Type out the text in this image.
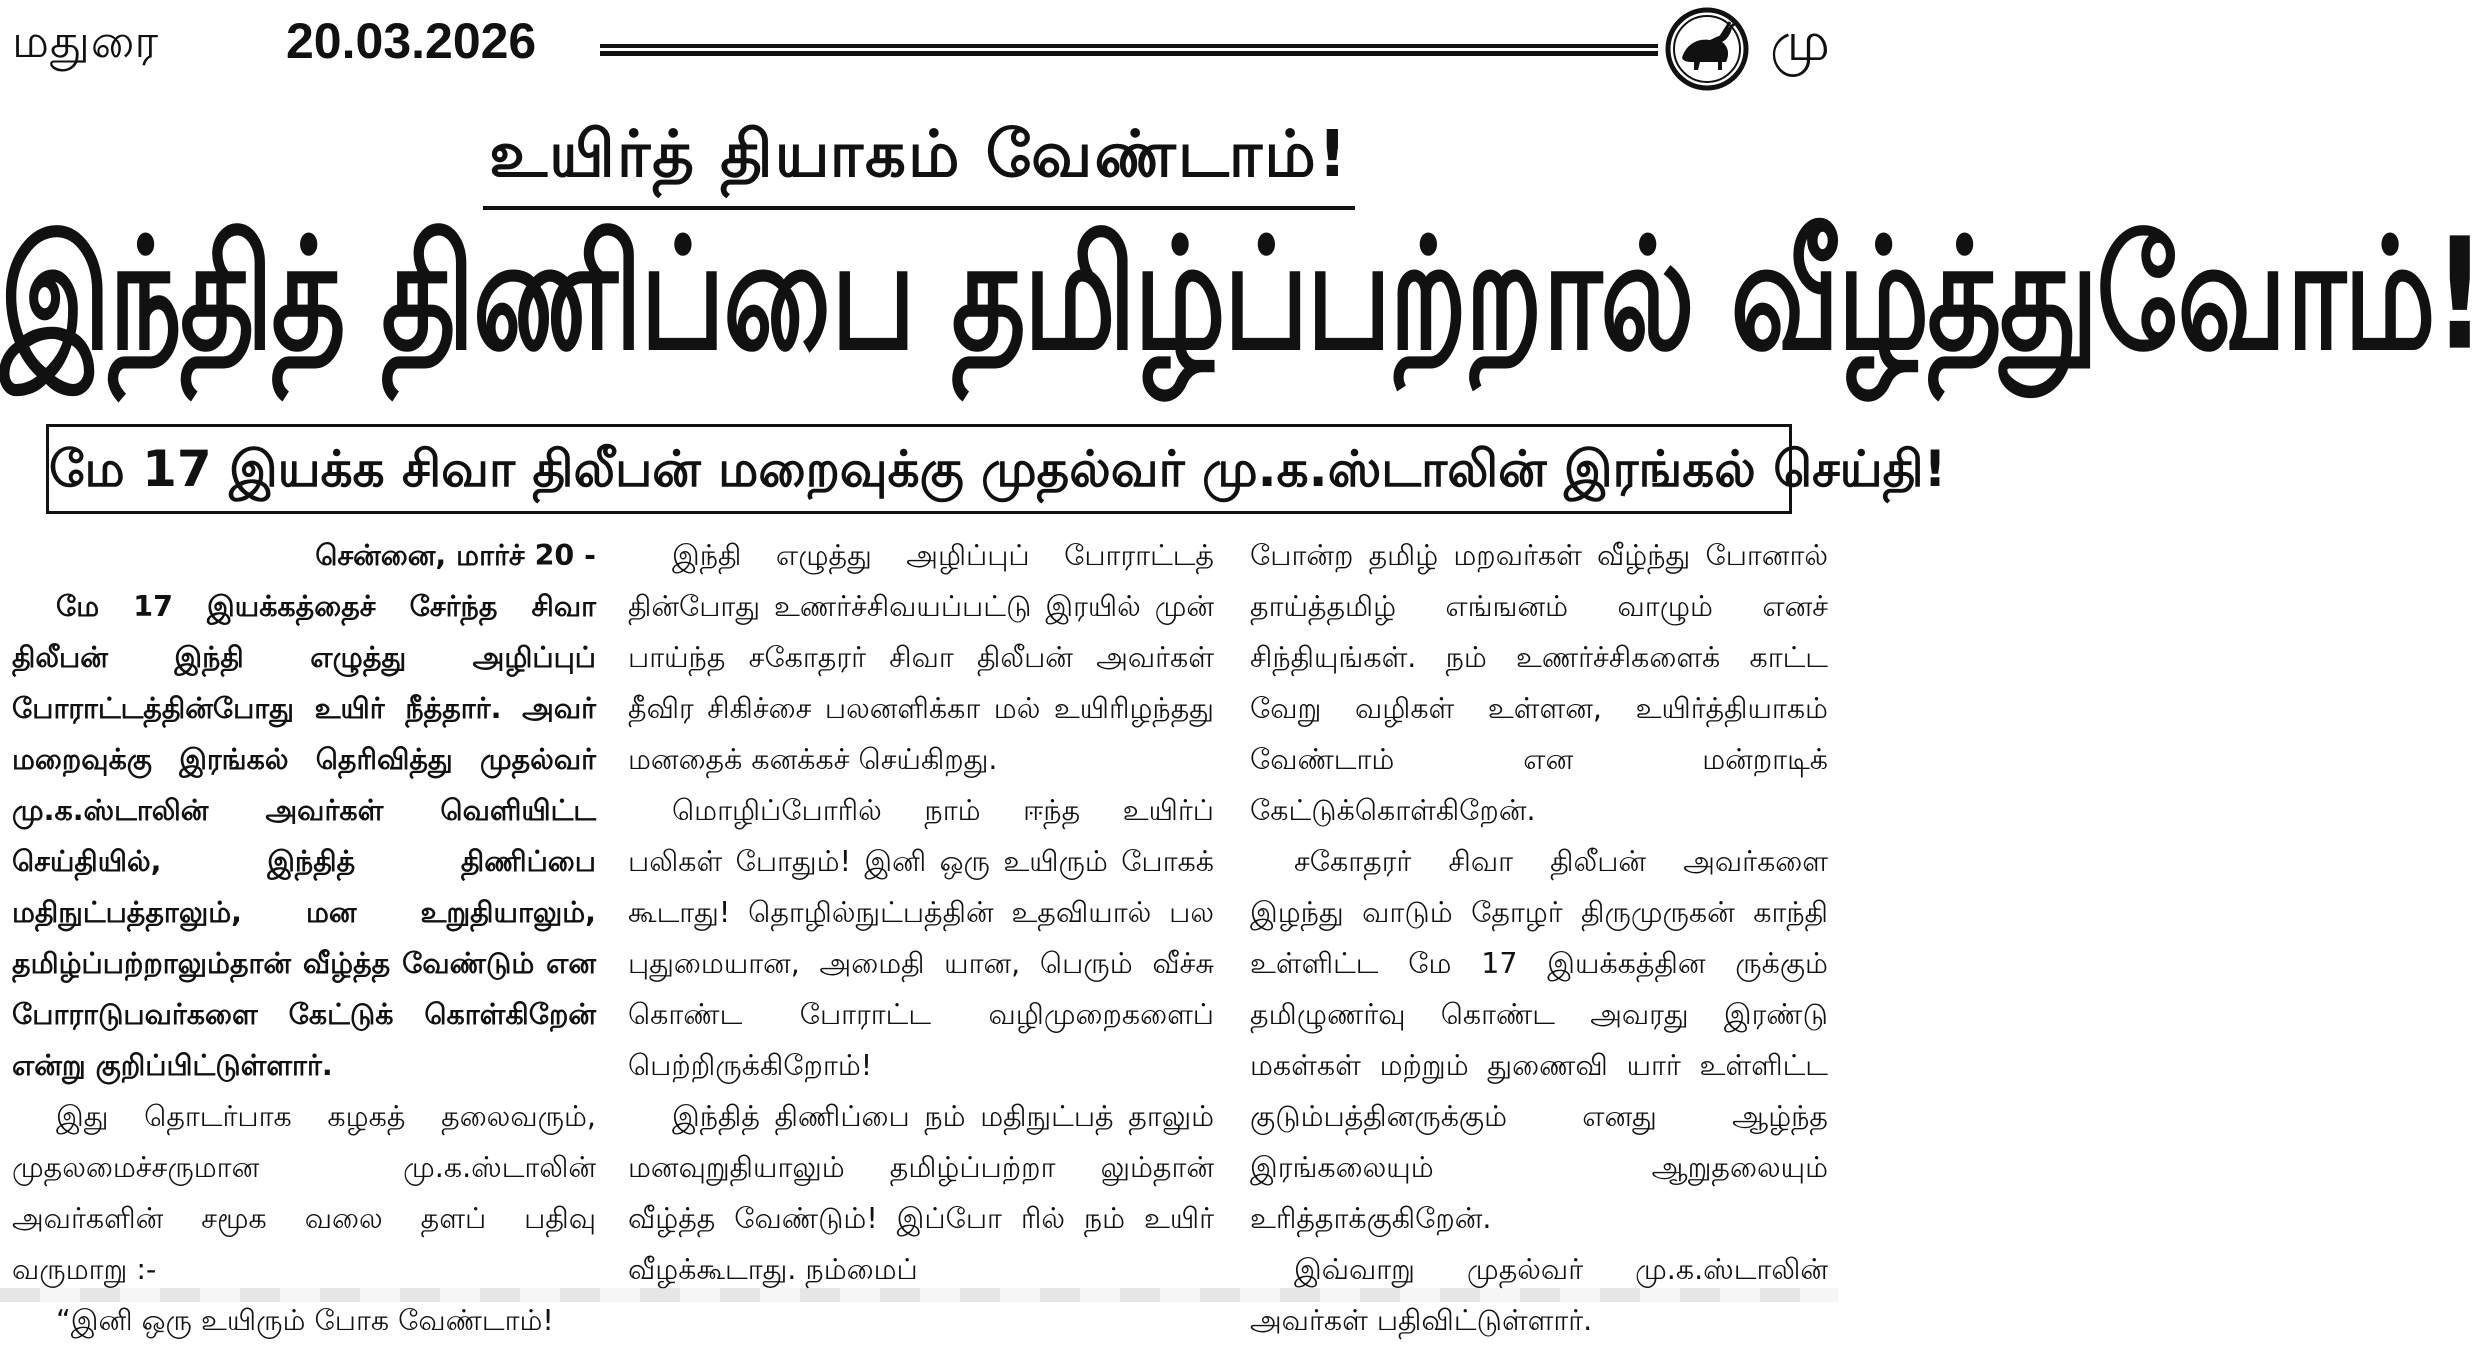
மதுரை	20.03.2026	மு
உயிர்த் தியாகம் வேண்டாம்!
இந்தித் திணிப்பை தமிழ்ப்பற்றால் வீழ்த்துவோம்!
மே 17 இயக்க சிவா திலீபன் மறைவுக்கு முதல்வர் மு.க.ஸ்டாலின் இரங்கல் செய்தி!

சென்னை, மார்ச் 20 -

மே 17 இயக்கத்தைச் சேர்ந்த சிவா திலீபன் இந்தி எழுத்து அழிப்புப் போராட்டத்தின்போது உயிர் நீத்தார். அவர் மறைவுக்கு இரங்கல் தெரிவித்து முதல்வர் மு.க.ஸ்டாலின் அவர்கள் வெளியிட்ட செய்தியில், இந்தித் திணிப்பை மதிநுட்பத்தாலும், மன உறுதியாலும், தமிழ்ப்பற்றாலும்தான் வீழ்த்த வேண்டும் என போராடுபவர்களை கேட்டுக் கொள்கிறேன் என்று குறிப்பிட்டுள்ளார்.

இது தொடர்பாக கழகத் தலைவரும், முதலமைச்சருமான மு.க.ஸ்டாலின் அவர்களின் சமூக வலை தளப் பதிவு வருமாறு :-

“இனி ஒரு உயிரும் போக வேண்டாம்!

இந்தி எழுத்து அழிப்புப் போராட்டத் தின்போது உணர்ச்சிவயப்பட்டு இரயில் முன் பாய்ந்த சகோதரர் சிவா திலீபன் அவர்கள் தீவிர சிகிச்சை பலனளிக்கா மல் உயிரிழந்தது மனதைக் கனக்கச் செய்கிறது.

மொழிப்போரில் நாம் ஈந்த உயிர்ப் பலிகள் போதும்! இனி ஒரு உயிரும் போகக் கூடாது! தொழில்நுட்பத்தின் உதவியால் பல புதுமையான, அமைதி யான, பெரும் வீச்சு கொண்ட போராட்ட வழிமுறைகளைப் பெற்றிருக்கிறோம்!

இந்தித் திணிப்பை நம் மதிநுட்பத் தாலும் மனவுறுதியாலும் தமிழ்ப்பற்றா லும்தான் வீழ்த்த வேண்டும்! இப்போ ரில் நம் உயிர் வீழக்கூடாது. நம்மைப்

போன்ற தமிழ் மறவர்கள் வீழ்ந்து போனால் தாய்த்தமிழ் எங்ஙனம் வாழும் எனச் சிந்தியுங்கள். நம் உணர்ச்சிகளைக் காட்ட வேறு வழிகள் உள்ளன, உயிர்த்தியாகம் வேண்டாம் என மன்றாடிக் கேட்டுக்கொள்கிறேன்.

சகோதரர் சிவா திலீபன் அவர்களை இழந்து வாடும் தோழர் திருமுருகன் காந்தி உள்ளிட்ட மே 17 இயக்கத்தின ருக்கும் தமிழுணர்வு கொண்ட அவரது இரண்டு மகள்கள் மற்றும் துணைவி யார் உள்ளிட்ட குடும்பத்தினருக்கும் எனது ஆழ்ந்த இரங்கலையும் ஆறுதலையும் உரித்தாக்குகிறேன்.

இவ்வாறு முதல்வர் மு.க.ஸ்டாலின் அவர்கள் பதிவிட்டுள்ளார்.
